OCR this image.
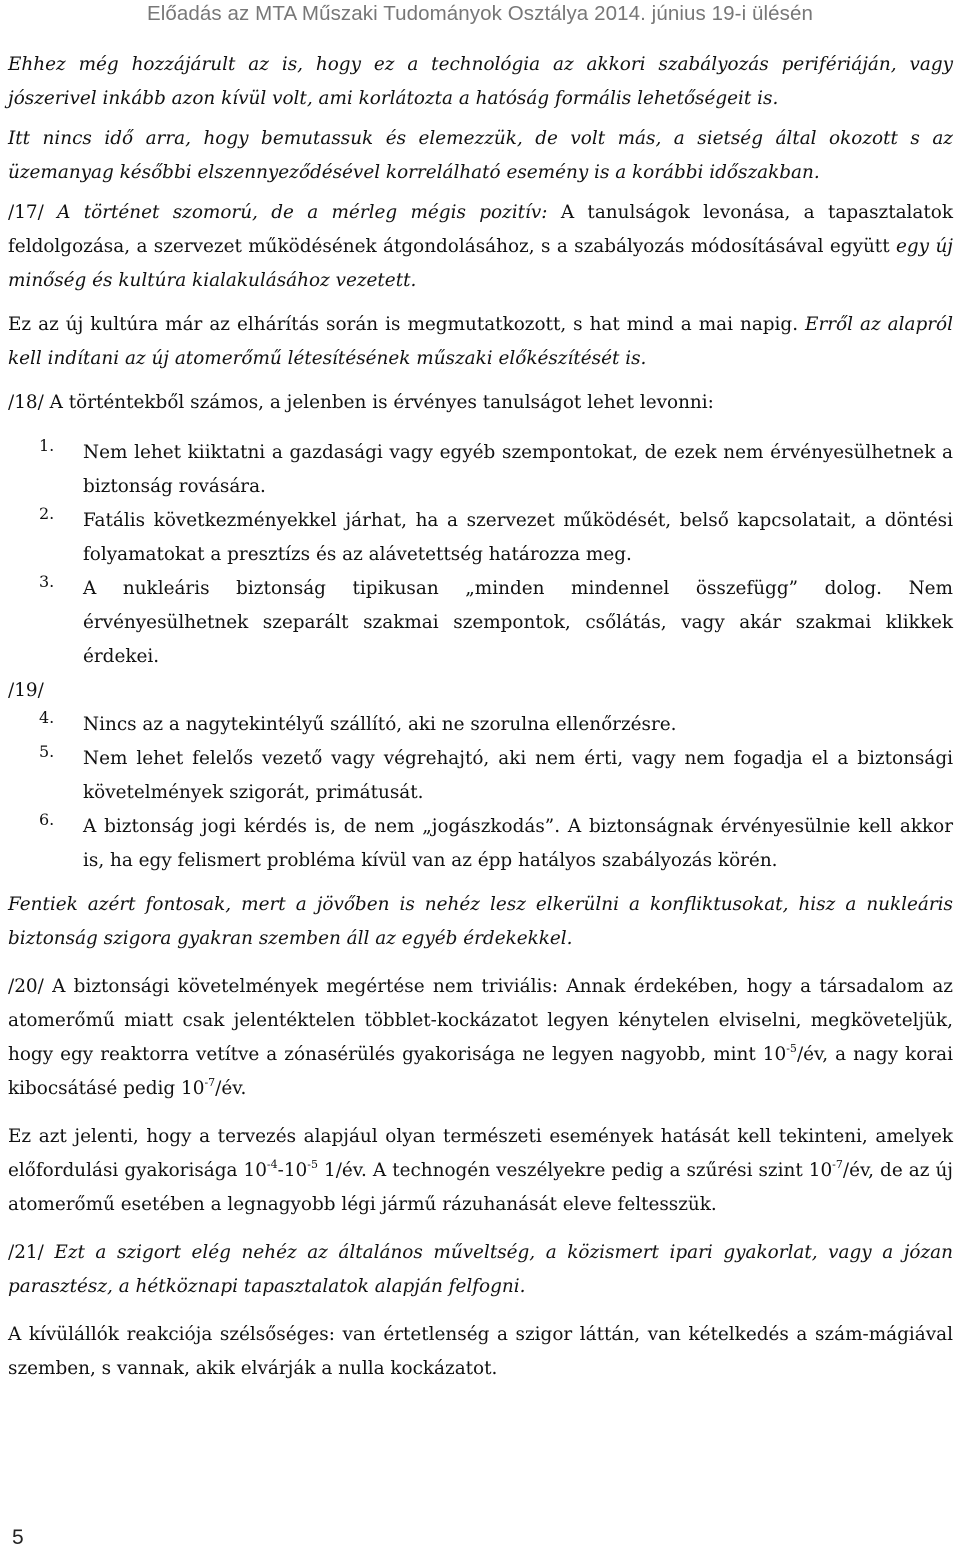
Előadás az MTA Műszaki Tudományok Osztálya 2014. június 19-i ülésén

Ehhez még hozzájárult az is, hogy ez a technológia az akkori szabályozás perifériáján, vagy jószerivel inkább azon kívül volt, ami korlátozta a hatóság formális lehetőségeit is.

Itt nincs idő arra, hogy bemutassuk és elemezzük, de volt más, a sietség által okozott s az üzemanyag későbbi elszennyeződésével korrelálható esemény is a korábbi időszakban.

/17/ A történet szomorú, de a mérleg mégis pozitív: A tanulságok levonása, a tapasztalatok feldolgozása, a szervezet működésének átgondolásához, s a szabályozás módosításával együtt egy új minőség és kultúra kialakulásához vezetett.

Ez az új kultúra már az elhárítás során is megmutatkozott, s hat mind a mai napig. Erről az alapról kell indítani az új atomerőmű létesítésének műszaki előkészítését is.

/18/ A történtekből számos, a jelenben is érvényes tanulságot lehet levonni:

1. Nem lehet kiiktatni a gazdasági vagy egyéb szempontokat, de ezek nem érvényesülhetnek a biztonság rovására.

2. Fatális következményekkel járhat, ha a szervezet működését, belső kapcsolatait, a döntési folyamatokat a presztízs és az alávetettség határozza meg.

3. A nukleáris biztonság tipikusan „minden mindennel összefügg” dolog. Nem érvényesülhetnek szeparált szakmai szempontok, csőlátás, vagy akár szakmai klikkek érdekei.

/19/
4. Nincs az a nagytekintélyű szállító, aki ne szorulna ellenőrzésre.

5. Nem lehet felelős vezető vagy végrehajtó, aki nem érti, vagy nem fogadja el a biztonsági követelmények szigorát, primátusát.

6. A biztonság jogi kérdés is, de nem „jogászkodás”. A biztonságnak érvényesülnie kell akkor is, ha egy felismert probléma kívül van az épp hatályos szabályozás körén.

Fentiek azért fontosak, mert a jövőben is nehéz lesz elkerülni a konfliktusokat, hisz a nukleáris biztonság szigora gyakran szemben áll az egyéb érdekekkel.

/20/ A biztonsági követelmények megértése nem triviális: Annak érdekében, hogy a társadalom az atomerőmű miatt csak jelentéktelen többlet-kockázatot legyen kénytelen elviselni, megköveteljük, hogy egy reaktorra vetítve a zónasérülés gyakorisága ne legyen nagyobb, mint $10^{-5}/év$, a nagy korai kibocsátásé pedig $10^{-7}/év$.

Ez azt jelenti, hogy a tervezés alapjául olyan természeti események hatását kell tekinteni, amelyek előfordulási gyakorisága $10^{-4}-10^{-5}$ 1/év. A technogén veszélyekre pedig a szűrési szint $10^{-7}/év$, de az új atomerőmű esetében a legnagyobb légi jármű rázuhanását eleve feltesszük.

/21/ Ezt a szigort elég nehéz az általános műveltség, a közismert ipari gyakorlat, vagy a józan parasztész, a hétköznapi tapasztalatok alapján felfogni.

A kívülállók reakciója szélsőséges: van értetlenség a szigor láttán, van kételkedés a szám-mágiával szemben, s vannak, akik elvárják a nulla kockázatot.

5
